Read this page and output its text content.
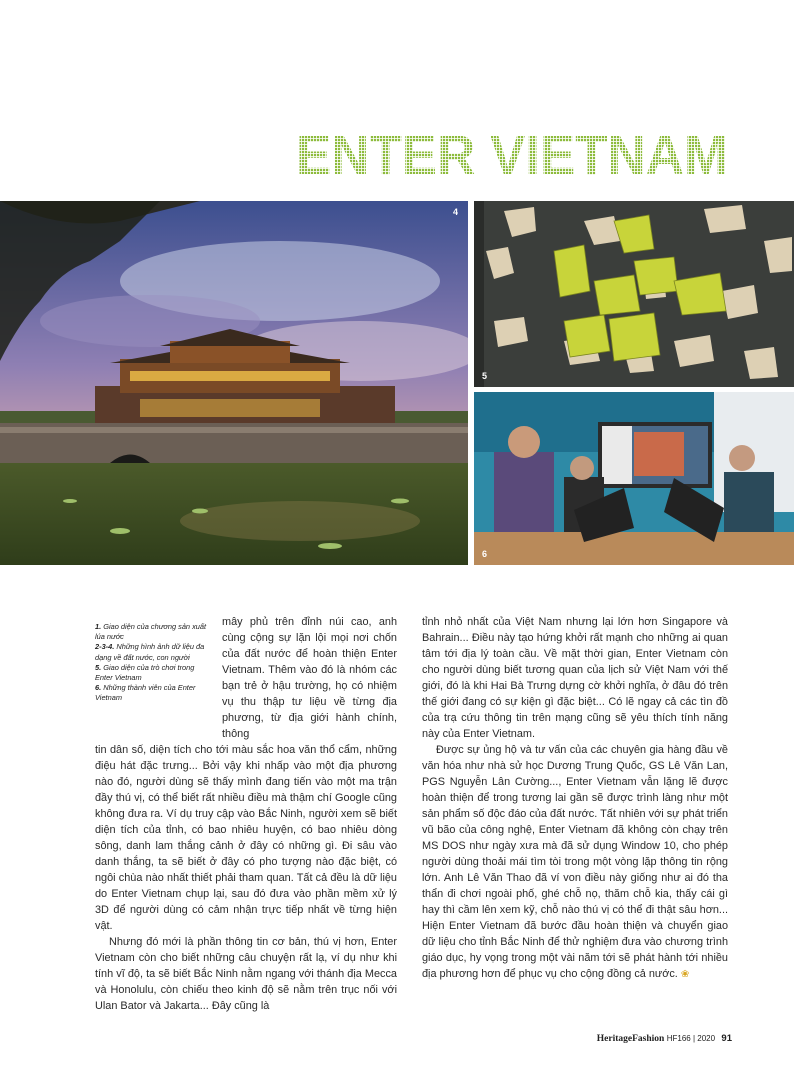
ENTER VIETNAM
4
5
6

1. Giao diện của chương sản xuất lúa nước

2-3-4. Những hình ảnh dữ liệu đa dạng về đất nước, con người

5. Giao diện của trò chơi trong Enter Vietnam

6. Những thành viên của Enter Vietnam

mây phủ trên đỉnh núi cao, anh cùng cộng sự lặn lội mọi nơi chốn của đất nước để hoàn thiện Enter Vietnam. Thêm vào đó là nhóm các bạn trẻ ở hậu trường, họ có nhiệm vụ thu thập tư liệu về từng địa phương, từ địa giới hành chính, thông

tin dân số, diện tích cho tới màu sắc hoa văn thổ cẩm, những điệu hát đặc trưng... Bởi vậy khi nhấp vào một địa phương nào đó, người dùng sẽ thấy mình đang tiến vào một ma trận đầy thú vị, có thể biết rất nhiều điều mà thậm chí Google cũng không đưa ra. Ví dụ truy cập vào Bắc Ninh, người xem sẽ biết diện tích của tỉnh, có bao nhiêu huyện, có bao nhiêu dòng sông, danh lam thắng cảnh ở đây có những gì. Đi sâu vào danh thắng, ta sẽ biết ở đây có pho tượng nào đặc biệt, có ngôi chùa nào nhất thiết phải tham quan. Tất cả đều là dữ liệu do Enter Vietnam chụp lại, sau đó đưa vào phần mềm xử lý 3D để người dùng có cảm nhận trực tiếp nhất về từng hiện vật.

Nhưng đó mới là phần thông tin cơ bản, thú vị hơn, Enter Vietnam còn cho biết những câu chuyện rất lạ, ví dụ như khi tính vĩ độ, ta sẽ biết Bắc Ninh nằm ngang với thánh địa Mecca và Honolulu, còn chiếu theo kinh độ sẽ nằm trên trục nối với Ulan Bator và Jakarta... Đây cũng là

tỉnh nhỏ nhất của Việt Nam nhưng lại lớn hơn Singapore và Bahrain... Điều này tạo hứng khởi rất mạnh cho những ai quan tâm tới địa lý toàn cầu. Về mặt thời gian, Enter Vietnam còn cho người dùng biết tương quan của lịch sử Việt Nam với thế giới, đó là khi Hai Bà Trưng dựng cờ khởi nghĩa, ở đâu đó trên thế giới đang có sự kiện gì đặc biệt... Có lẽ ngay cả các tìn đồ của trạ cứu thông tin trên mạng cũng sẽ yêu thích tính năng này của Enter Vietnam.

Được sự ủng hộ và tư vấn của các chuyên gia hàng đầu về văn hóa như nhà sử học Dương Trung Quốc, GS Lê Văn Lan, PGS Nguyễn Lân Cường..., Enter Vietnam vẫn lặng lẽ được hoàn thiện để trong tương lai gần sẽ được trình làng như một sản phẩm số độc đáo của đất nước. Tất nhiên với sự phát triển vũ bão của công nghệ, Enter Vietnam đã không còn chạy trên MS DOS như ngày xưa mà đã sử dụng Window 10, cho phép người dùng thoải mái tìm tòi trong một vòng lặp thông tin rộng lớn. Anh Lê Văn Thao đã ví von điều này giống như ai đó tha thẩn đi chơi ngoài phố, ghé chỗ nọ, thăm chỗ kia, thấy cái gì hay thì cầm lên xem kỹ, chỗ nào thú vị có thể đi thật sâu hơn... Hiện Enter Vietnam đã bước đầu hoàn thiện và chuyển giao dữ liệu cho tỉnh Bắc Ninh để thử nghiệm đưa vào chương trình giáo dục, hy vọng trong một vài năm tới sẽ phát hành tới nhiều địa phương hơn để phục vụ cho cộng đồng cả nước. ❀

HeritageFashion HF166 | 2020 91
